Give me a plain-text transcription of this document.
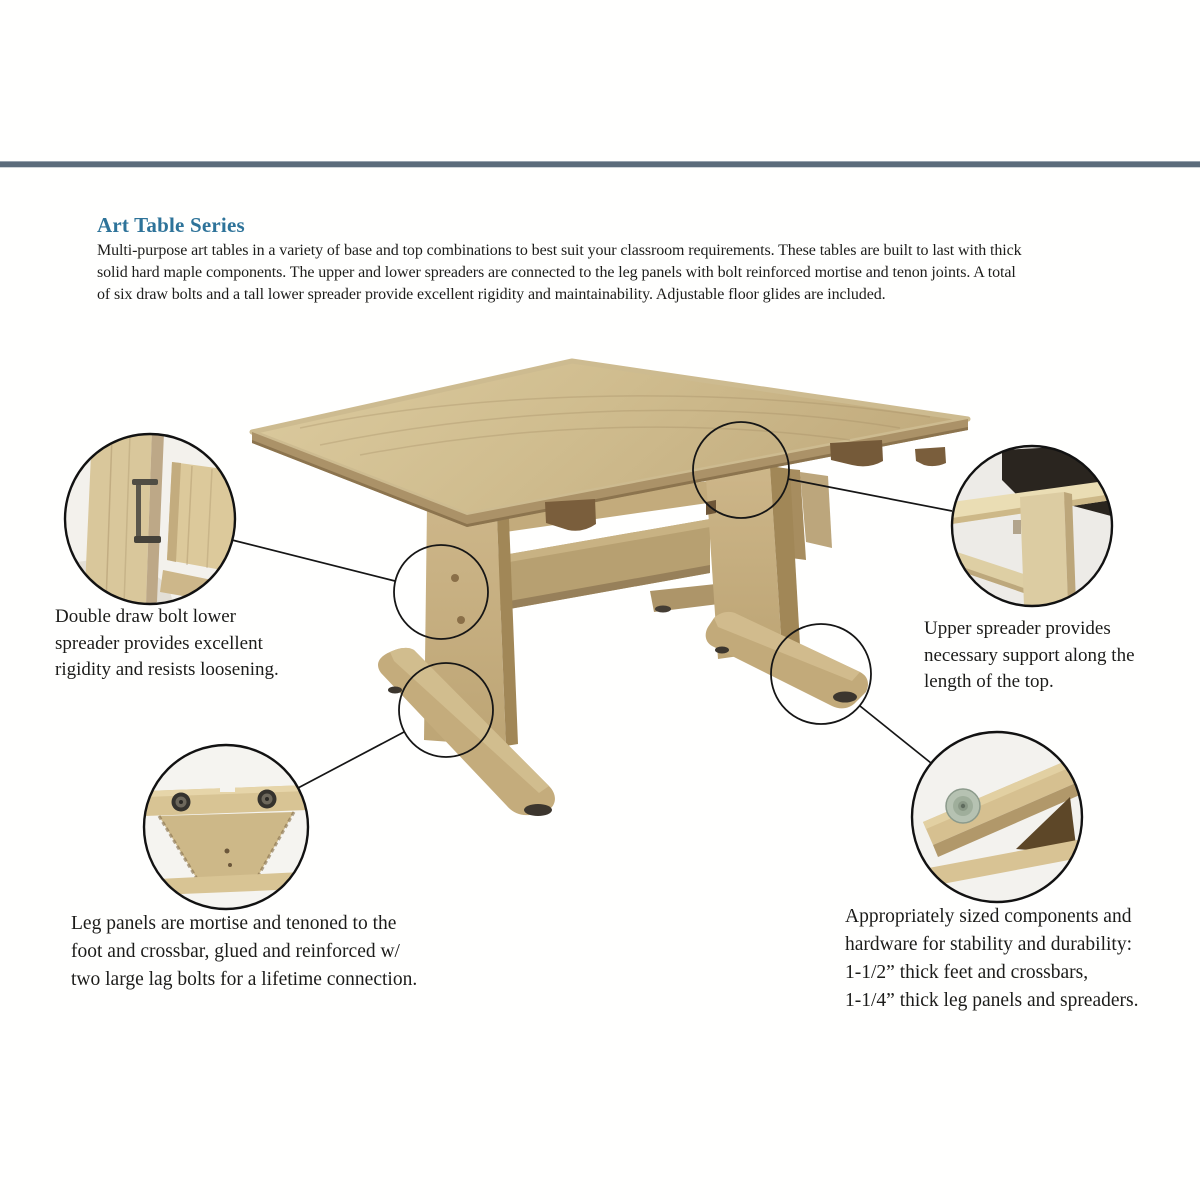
Art Table Series
Multi-purpose art tables in a variety of base and top combinations to best suit your classroom requirements. These tables are built to last with thick
solid hard maple components. The upper and lower spreaders are connected to the leg panels with bolt reinforced mortise and tenon joints. A total
of six draw bolts and a tall lower spreader provide excellent rigidity and maintainability. Adjustable floor glides are included.
Double draw bolt lower
spreader provides excellent
rigidity and resists loosening.
Upper spreader provides
necessary support along the
length of the top.
Leg panels are mortise and tenoned to the
foot and crossbar, glued and reinforced w/
two large lag bolts for a lifetime connection.
Appropriately sized components and
hardware for stability and durability:
1-1/2” thick feet and crossbars,
1-1/4” thick leg panels and spreaders.
